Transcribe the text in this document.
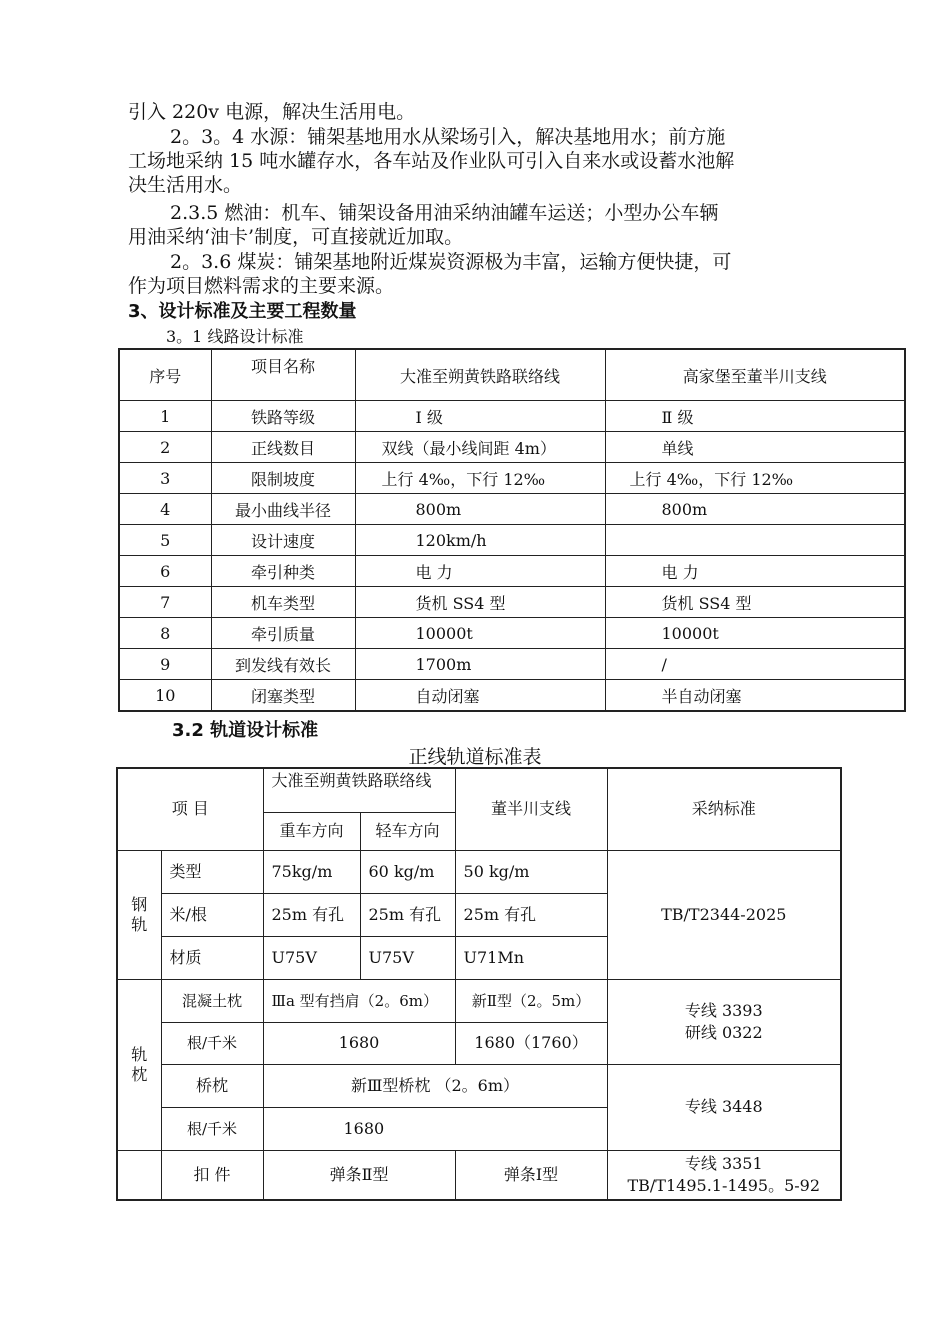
引入 220v 电源，解决生活用电。
2。3。4 水源：铺架基地用水从梁场引入，解决基地用水；前方施
工场地采纳 15 吨水罐存水，各车站及作业队可引入自来水或设蓄水池解
决生活用水。
2.3.5 燃油：机车、铺架设备用油采纳油罐车运送；小型办公车辆
用油采纳‘油卡’制度，可直接就近加取。
2。3.6 煤炭：铺架基地附近煤炭资源极为丰富，运输方便快捷，可
作为项目燃料需求的主要来源。
3、设计标准及主要工程数量
3。1 线路设计标准
序号	项目名称	大准至朔黄铁路联络线	高家堡至董半川支线
1	铁路等级	I 级	Ⅱ 级
2	正线数目	双线（最小线间距 4m）	单线
3	限制坡度	上行 4‰，下行 12‰	上行 4‰，下行 12‰
4	最小曲线半径	800m	800m
5	设计速度	120km/h	
6	牵引种类	电 力	电 力
7	机车类型	货机 SS4 型	货机 SS4 型
8	牵引质量	10000t	10000t
9	到发线有效长	1700m	/
10	闭塞类型	自动闭塞	半自动闭塞
3.2 轨道设计标准
正线轨道标准表
项 目		大准至朔黄铁路联络线		董半川支线	采纳标准
		重车方向	轻车方向		
钢轨	类型	75kg/m	60 kg/m	50 kg/m	TB/T2344-2025
	米/根	25m 有孔	25m 有孔	25m 有孔	
	材质	U75V	U75V	U71Mn	
轨枕	混凝土枕	Ⅲa 型有挡肩（2。6m）		新Ⅱ型（2。5m）	专线 3393
研线 0322

	根/千米	1680		1680（1760）	
	桥枕	新Ⅲ型桥枕 （2。6m）			专线 3448
	根/千米	1680			
	扣 件	弹条Ⅱ型		弹条Ⅰ型	专线 3351
TB/T1495.1-1495。5-92
